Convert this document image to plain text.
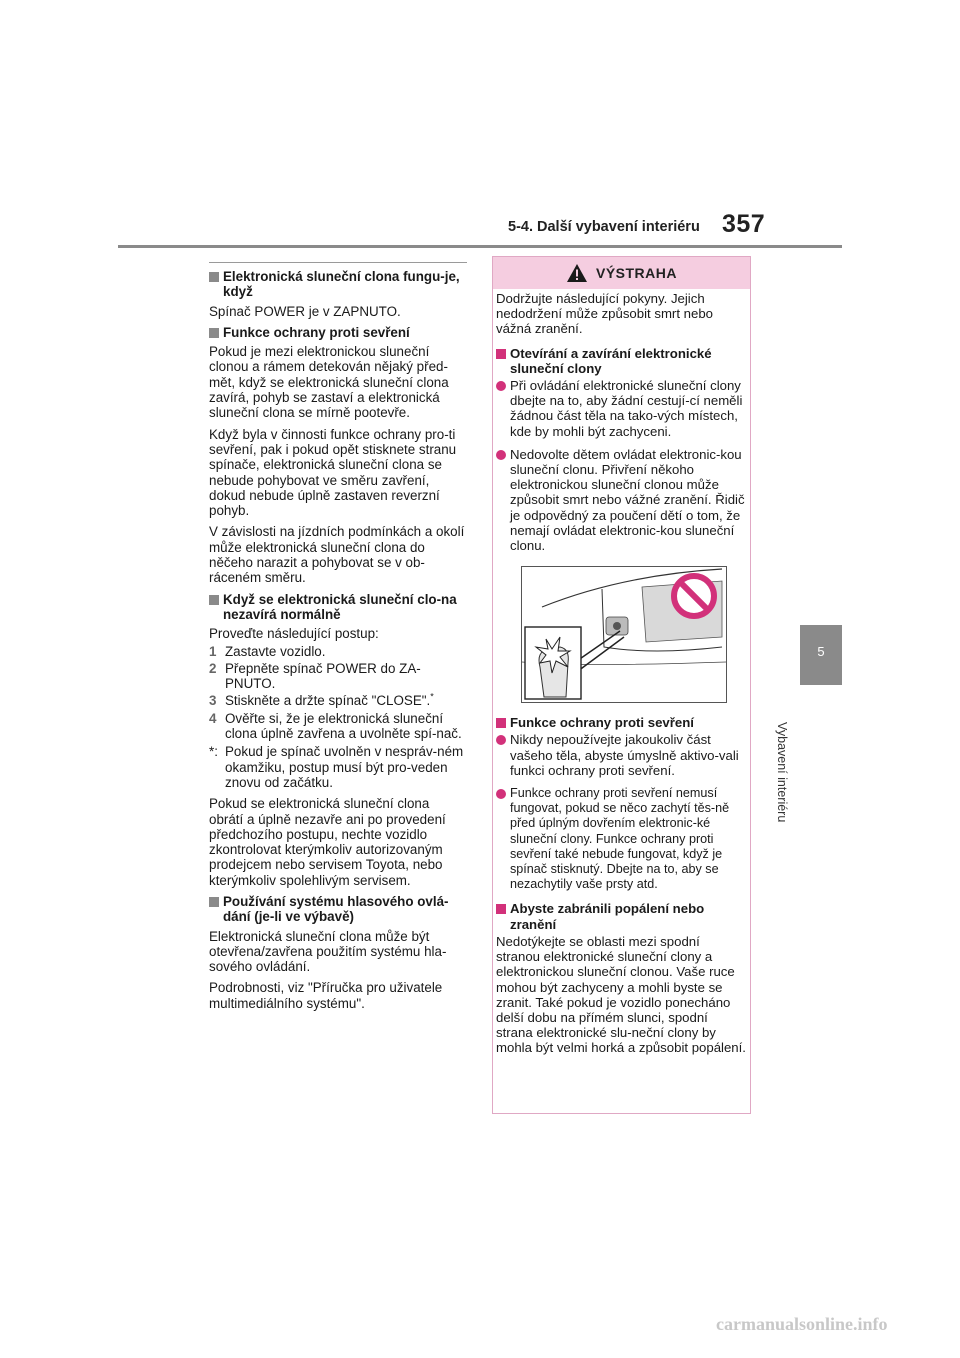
5-4. Další vybavení interiéru 357
5
Vybavení interiéru
Elektronická sluneční clona fungu-je, když
Spínač POWER je v ZAPNUTO.
Funkce ochrany proti sevření
Pokud je mezi elektronickou sluneční clonou a rámem detekován nějaký před-mět, když se elektronická sluneční clona zavírá, pohyb se zastaví a elektronická sluneční clona se mírně pootevře.
Když byla v činnosti funkce ochrany pro-ti sevření, pak i pokud opět stisknete stranu spínače, elektronická sluneční clona se nebude pohybovat ve směru zavření, dokud nebude úplně zastaven reverzní pohyb.
V závislosti na jízdních podmínkách a okolí může elektronická sluneční clona do něčeho narazit a pohybovat se v ob-ráceném směru.
Když se elektronická sluneční clo-na nezavírá normálně
Proveďte následující postup:
1 Zastavte vozidlo.
2 Přepněte spínač POWER do ZA-PNUTO.
3 Stiskněte a držte spínač "CLOSE".*
4 Ověřte si, že je elektronická sluneční clona úplně zavřena a uvolněte spí-nač.
*: Pokud je spínač uvolněn v nespráv-ném okamžiku, postup musí být pro-veden znovu od začátku.
Pokud se elektronická sluneční clona obrátí a úplně nezavře ani po provedení předchozího postupu, nechte vozidlo zkontrolovat kterýmkoliv autorizovaným prodejcem nebo servisem Toyota, nebo kterýmkoliv spolehlivým servisem.
Používání systému hlasového ovlá-dání (je-li ve výbavě)
Elektronická sluneční clona může být otevřena/zavřena použitím systému hla-sového ovládání.
Podrobnosti, viz "Příručka pro uživatele multimediálního systému".
VÝSTRAHA
Dodržujte následující pokyny. Jejich nedodržení může způsobit smrt nebo vážná zranění.
Otevírání a zavírání elektronické sluneční clony
Při ovládání elektronické sluneční clony dbejte na to, aby žádní cestují-cí neměli žádnou část těla na tako-vých místech, kde by mohli být zachyceni.
Nedovolte dětem ovládat elektronic-kou sluneční clonu. Přivření někoho elektronickou sluneční clonou může způsobit smrt nebo vážné zranění. Řidič je odpovědný za poučení dětí o tom, že nemají ovládat elektronic-kou sluneční clonu.
Funkce ochrany proti sevření
Nikdy nepoužívejte jakoukoliv část vašeho těla, abyste úmyslně aktivo-vali funkci ochrany proti sevření.
Funkce ochrany proti sevření nemusí fungovat, pokud se něco zachytí těs-ně před úplným dovřením elektronic-ké sluneční clony. Funkce ochrany proti sevření také nebude fungovat, když je spínač stisknutý. Dbejte na to, aby se nezachytily vaše prsty atd.
Abyste zabránili popálení nebo zranění
Nedotýkejte se oblasti mezi spodní stranou elektronické sluneční clony a elektronickou sluneční clonou. Vaše ruce mohou být zachyceny a mohli byste se zranit. Také pokud je vozidlo ponecháno delší dobu na přímém slunci, spodní strana elektronické slu-neční clony by mohla být velmi horká a způsobit popálení.
carmanualsonline.info
